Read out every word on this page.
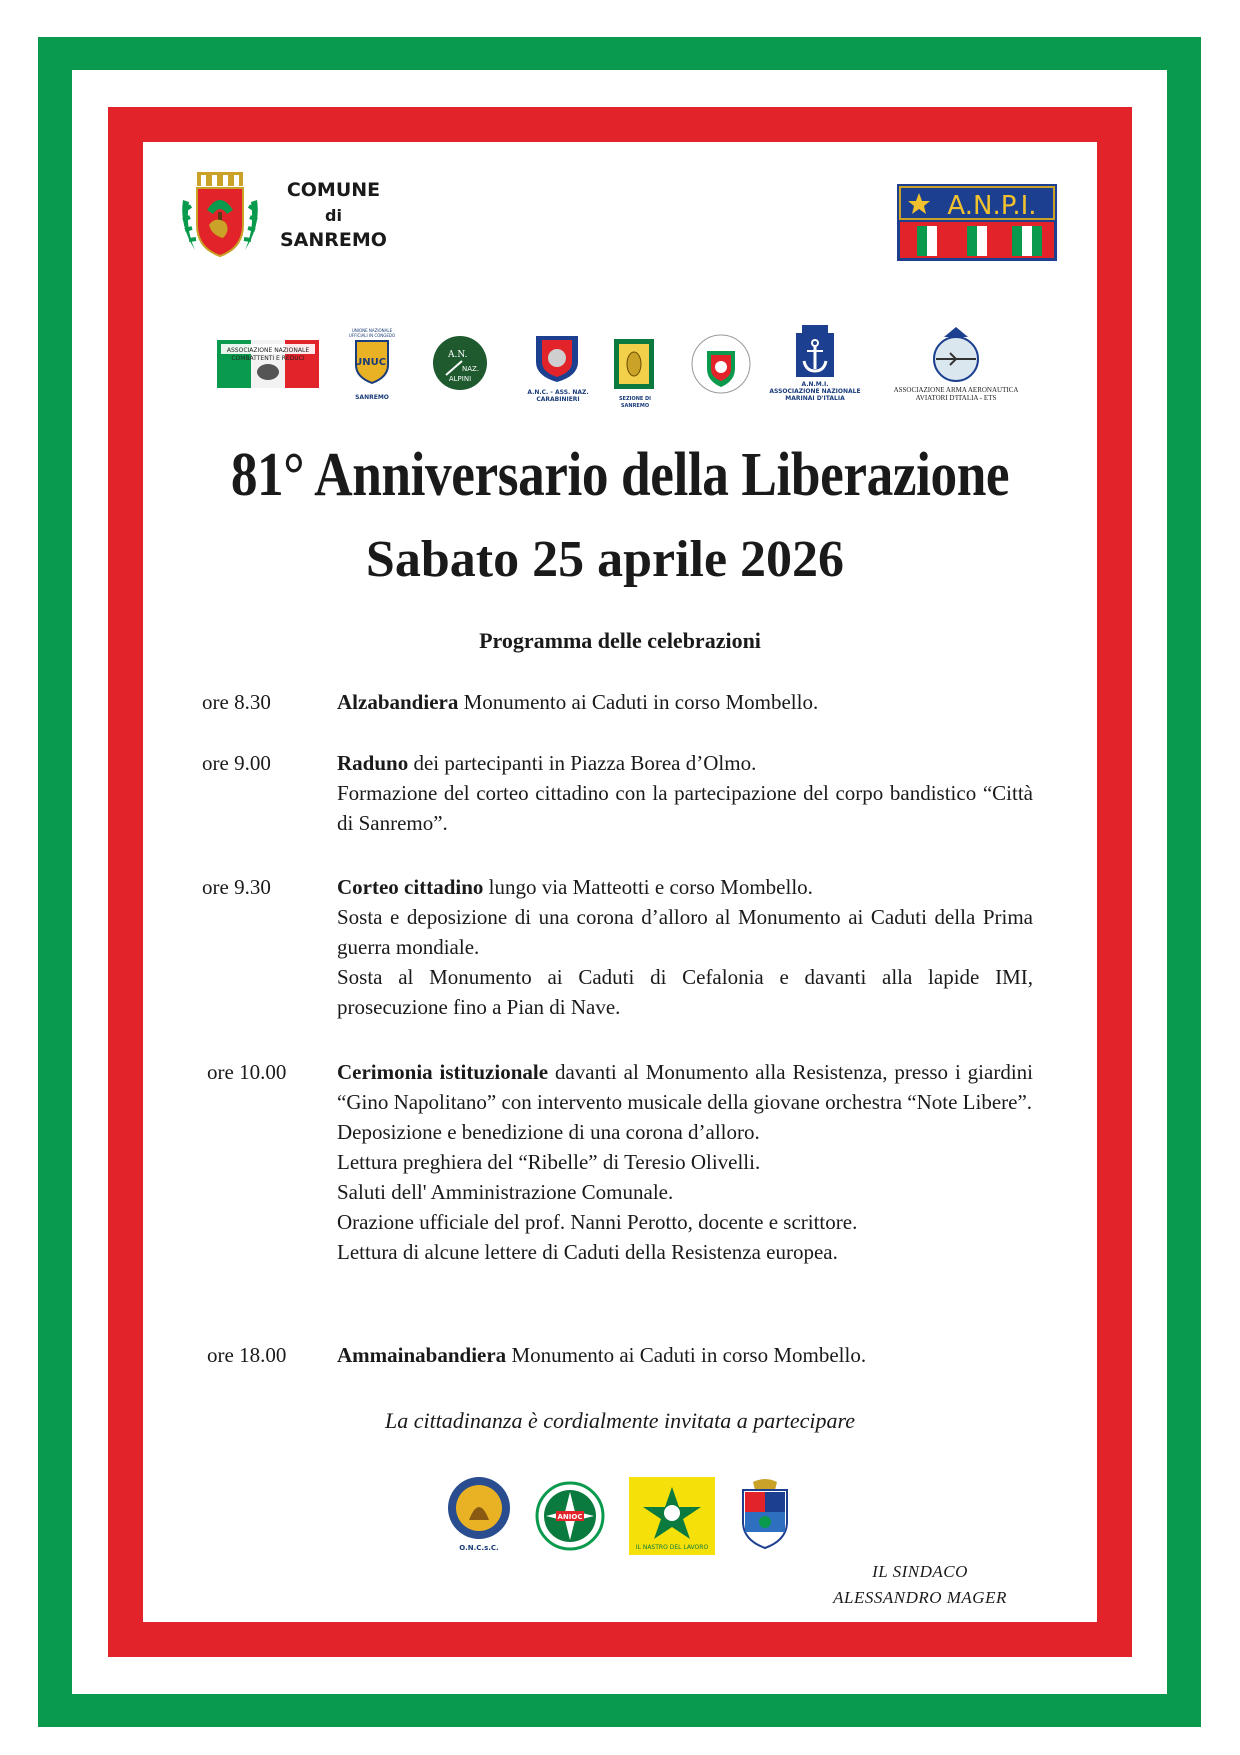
COMUNE
di
SANREMO
A.N.P.I.
ASSOCIAZIONE NAZIONALE
COMBATTENTI E REDUCI
UNIONE NAZIONALE
UFFICIALI IN CONGEDO
UNUCI
SANREMO
A.N.
NAZ.
ALPINI
A.N.C. - ASS. NAZ. CARABINIERI	SEZIONE DI SANREMO
A.N.M.I.
ASSOCIAZIONE NAZIONALE MARINAI D'ITALIA
ASSOCIAZIONE ARMA AERONAUTICA AVIATORI D'ITALIA - ETS
81° Anniversario della Liberazione
Sabato 25 aprile 2026
Programma delle celebrazioni
ore 8.30	Alzabandiera Monumento ai Caduti in corso Mombello.

ore 9.00	Raduno dei partecipanti in Piazza Borea d’Olmo.

Formazione del corteo cittadino con la partecipazione del corpo bandistico “Città di Sanremo”.

ore 9.30	Corteo cittadino lungo via Matteotti e corso Mombello.

Sosta e deposizione di una corona d’alloro al Monumento ai Caduti della Prima guerra mondiale.

Sosta al Monumento ai Caduti di Cefalonia e davanti alla lapide IMI, prosecuzione fino a Pian di Nave.

ore 10.00 Cerimonia istituzionale davanti al Monumento alla Resistenza, presso i giardini “Gino Napolitano” con intervento musicale della giovane orchestra “Note Libere”.

Deposizione e benedizione di una corona d’alloro.

Lettura preghiera del “Ribelle” di Teresio Olivelli.

Saluti dell' Amministrazione Comunale.

Orazione ufficiale del prof. Nanni Perotto, docente e scrittore.

Lettura di alcune lettere di Caduti della Resistenza europea.

ore 18.00 Ammainabandiera Monumento ai Caduti in corso Mombello.

La cittadinanza è cordialmente invitata a partecipare
O.N.C.s.C.
ANIOC
IL NASTRO DEL LAVORO
IL SINDACO
ALESSANDRO MAGER
